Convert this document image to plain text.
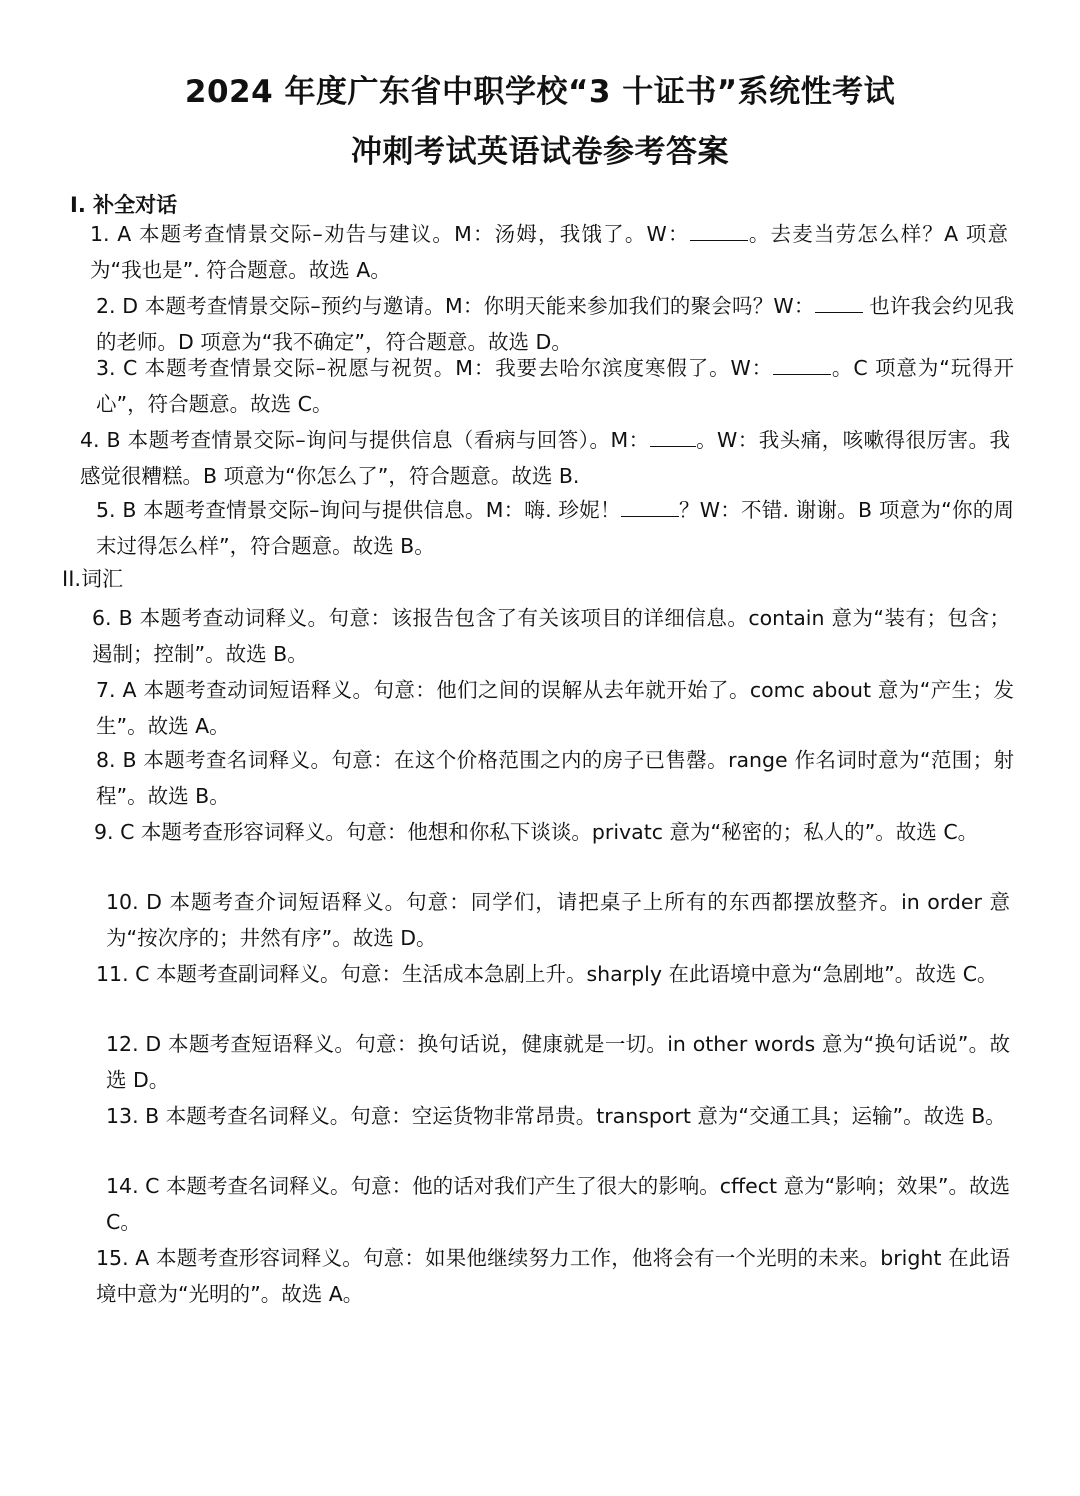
2024 年度广东省中职学校“3 十证书”系统性考试
冲刺考试英语试卷参考答案
I. 补全对话
1. A 本题考查情景交际–劝告与建议。M：汤姆，我饿了。W：	。去麦当劳怎么样？A 项意为“我也是”. 符合题意。故选 A。
2. D 本题考查情景交际–预约与邀请。M：你明天能来参加我们的聚会吗？W： 也许我会约见我的老师。D 项意为“我不确定”，符合题意。故选 D。
3. C 本题考查情景交际–祝愿与祝贺。M：我要去哈尔滨度寒假了。W：	。C 项意为“玩得开心”，符合题意。故选 C。
4. B 本题考查情景交际–询问与提供信息（看病与回答）。M： 。W：我头痛，咳嗽得很厉害。我感觉很糟糕。B 项意为“你怎么了”，符合题意。故选 B.
5. B 本题考查情景交际–询问与提供信息。M：嗨. 珍妮！	？W：不错. 谢谢。B 项意为“你的周末过得怎么样”，符合题意。故选 B。
II.词汇
6. B 本题考查动词释义。句意：该报告包含了有关该项目的详细信息。contain 意为“装有；包含；遏制；控制”。故选 B。
7. A 本题考查动词短语释义。句意：他们之间的误解从去年就开始了。comc about 意为“产生；发生”。故选 A。
8. B 本题考查名词释义。句意：在这个价格范围之内的房子已售罄。range 作名词时意为“范围；射程”。故选 B。
9. C 本题考查形容词释义。句意：他想和你私下谈谈。privatc 意为“秘密的；私人的”。故选 C。
10. D 本题考查介词短语释义。句意：同学们，请把桌子上所有的东西都摆放整齐。in order 意为“按次序的；井然有序”。故选 D。
11. C 本题考查副词释义。句意：生活成本急剧上升。sharply 在此语境中意为“急剧地”。故选 C。
12. D 本题考查短语释义。句意：换句话说，健康就是一切。in other words 意为“换句话说”。故选 D。
13. B 本题考查名词释义。句意：空运货物非常昂贵。transport 意为“交通工具；运输”。故选 B。
14. C 本题考查名词释义。句意：他的话对我们产生了很大的影响。cffect 意为“影响；效果”。故选 C。
15. A 本题考查形容词释义。句意：如果他继续努力工作，他将会有一个光明的未来。bright 在此语境中意为“光明的”。故选 A。
